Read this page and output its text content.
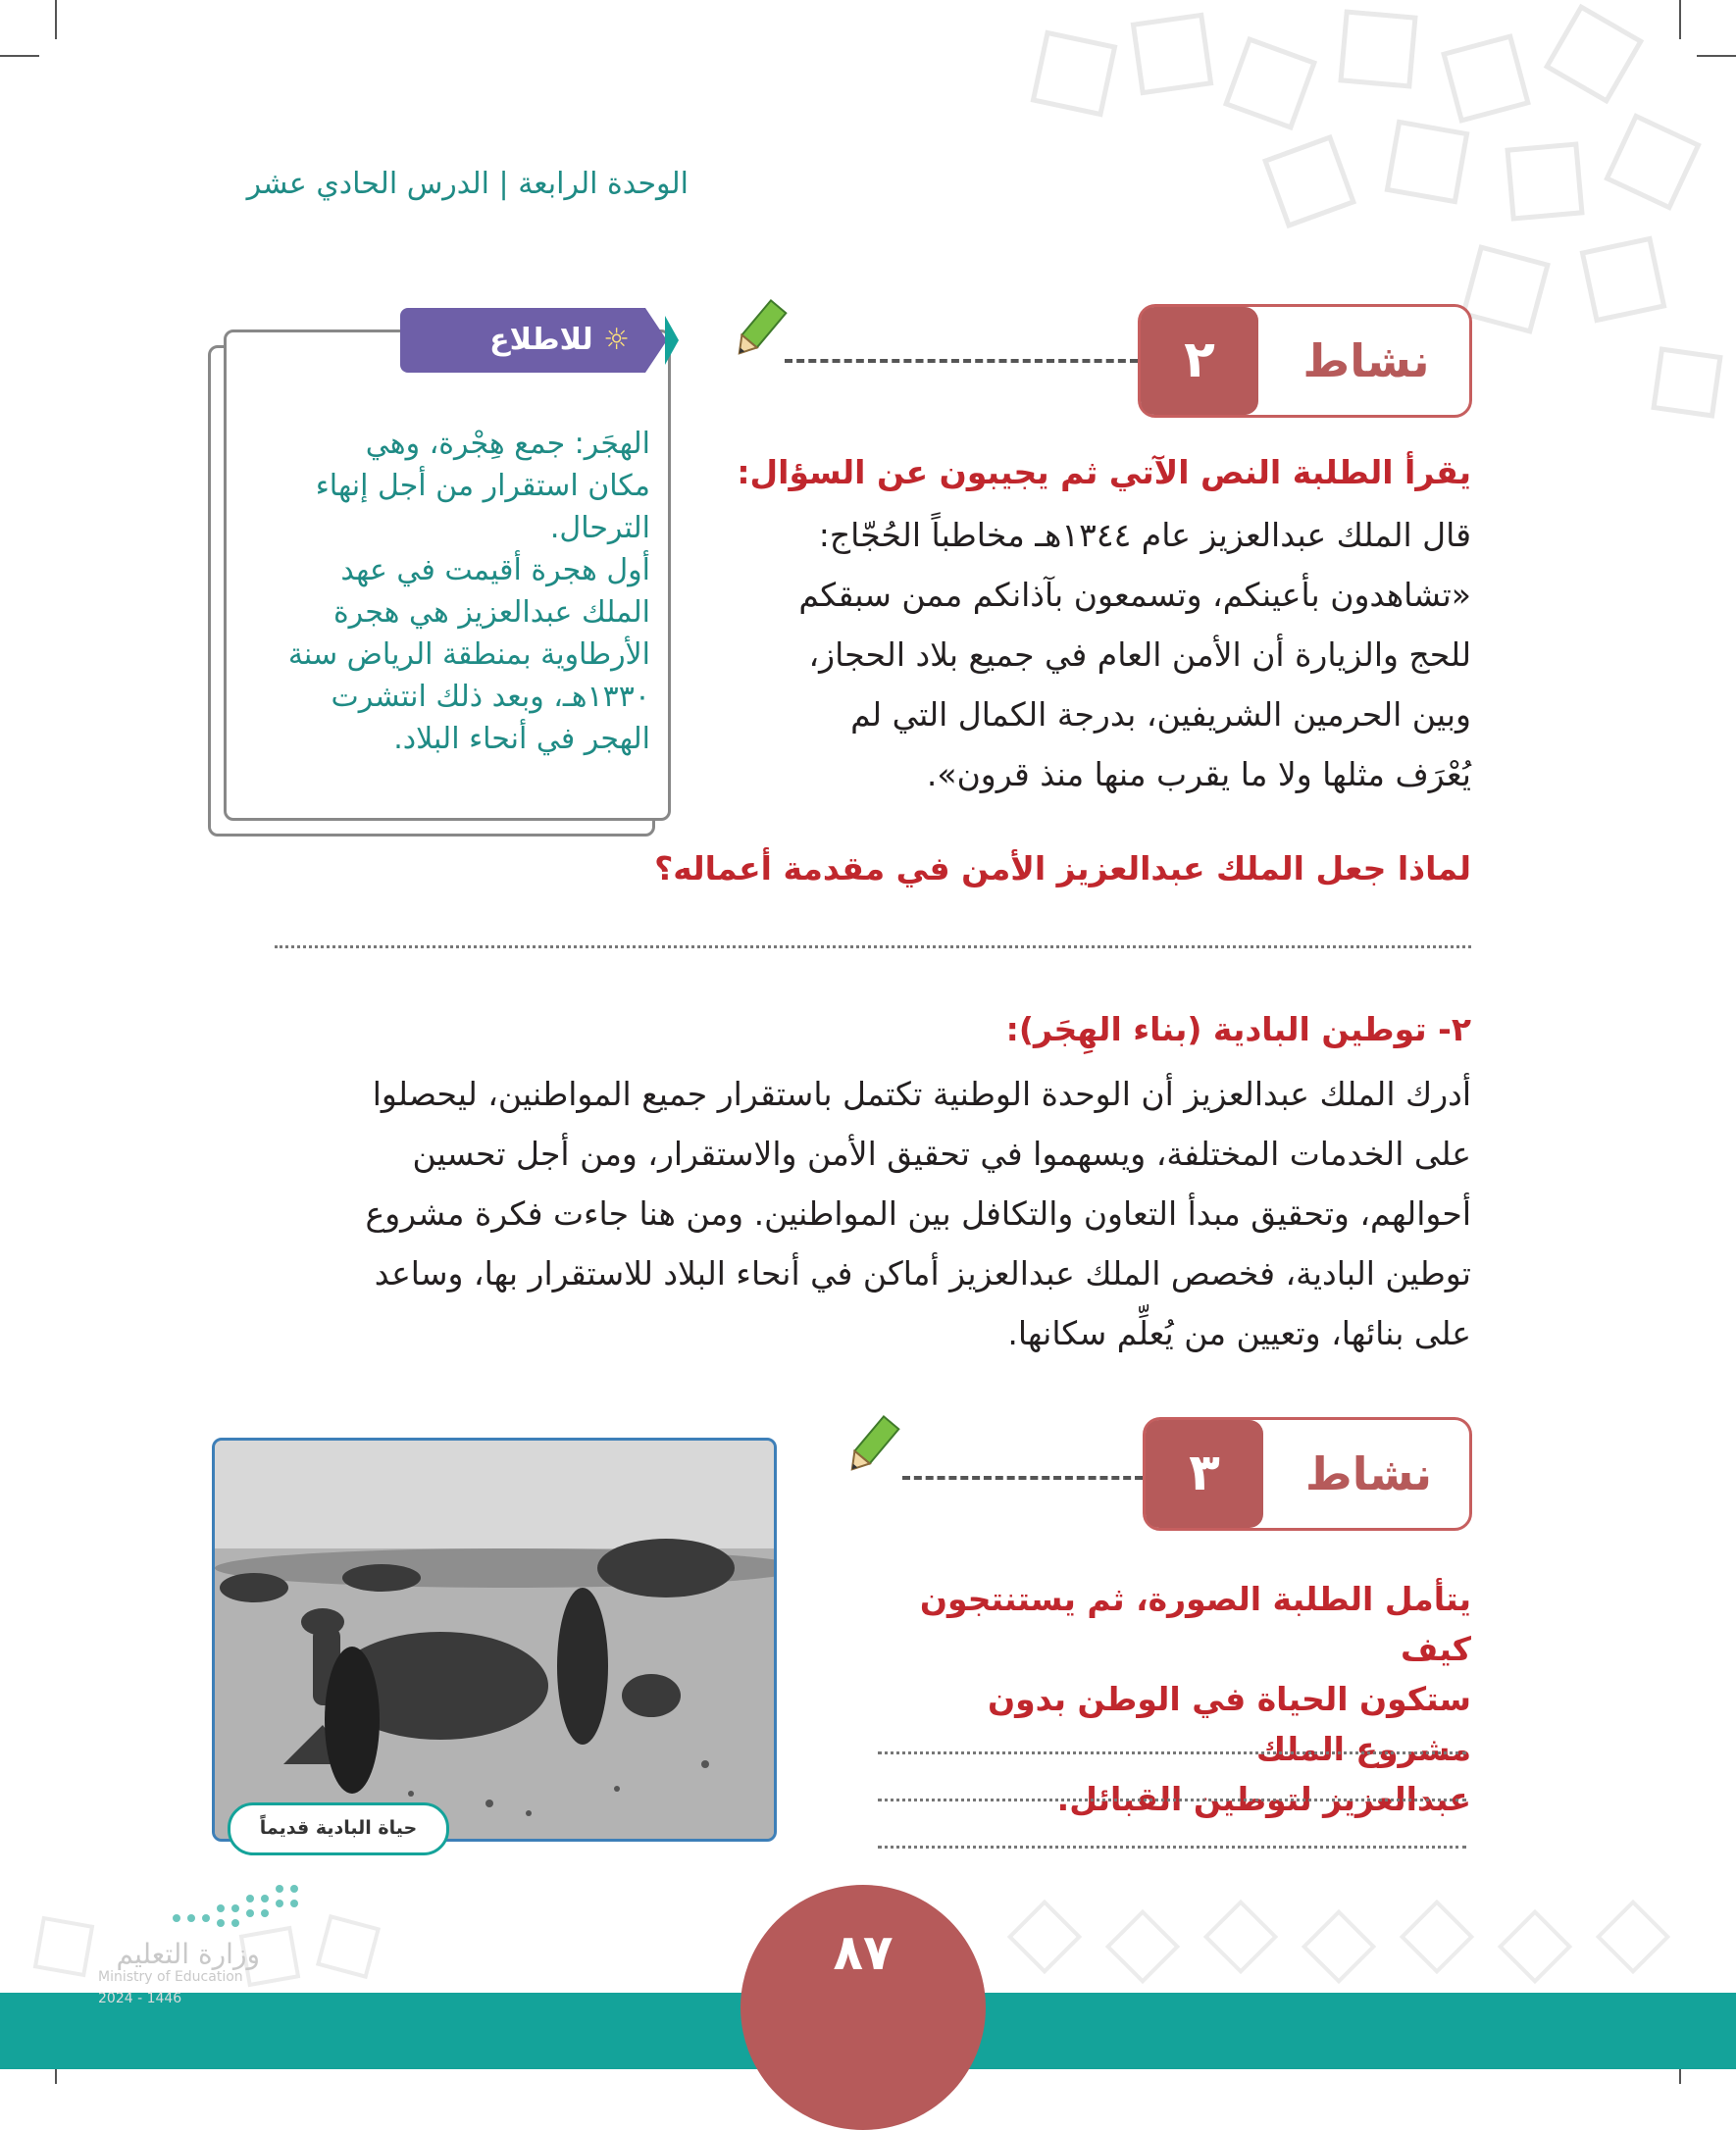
الوحدة الرابعة | الدرس الحادي عشر
٢	نشاط
يقرأ الطلبة النص الآتي ثم يجيبون عن السؤال:
قال الملك عبدالعزيز عام ١٣٤٤هـ مخاطباً الحُجّاج:
«تشاهدون بأعينكم، وتسمعون بآذانكم ممن سبقكم
للحج والزيارة أن الأمن العام في جميع بلاد الحجاز،
وبين الحرمين الشريفين، بدرجة الكمال التي لم
يُعْرَف مثلها ولا ما يقرب منها منذ قرون».
لماذا جعل الملك عبدالعزيز الأمن في مقدمة أعماله؟
الهجَر: جمع هِجْرة، وهي
مكان استقرار من أجل إنهاء
الترحال.
أول هجرة أقيمت في عهد
الملك عبدالعزيز هي هجرة
الأرطاوية بمنطقة الرياض سنة
١٣٣٠هـ، وبعد ذلك انتشرت
الهجر في أنحاء البلاد.
☼ للاطلاع
٢- توطين البادية (بناء الهِجَر):
أدرك الملك عبدالعزيز أن الوحدة الوطنية تكتمل باستقرار جميع المواطنين، ليحصلوا
على الخدمات المختلفة، ويسهموا في تحقيق الأمن والاستقرار، ومن أجل تحسين
أحوالهم، وتحقيق مبدأ التعاون والتكافل بين المواطنين. ومن هنا جاءت فكرة مشروع
توطين البادية، فخصص الملك عبدالعزيز أماكن في أنحاء البلاد للاستقرار بها، وساعد
على بنائها، وتعيين من يُعلِّم سكانها.
٣	نشاط
يتأمل الطلبة الصورة، ثم يستنتجون كيف
ستكون الحياة في الوطن بدون مشروع الملك
عبدالعزيز لتوطين القبائل.
حياة البادية قديماً
٨٧
وزارة التعليم
Ministry of Education
2024 - 1446
